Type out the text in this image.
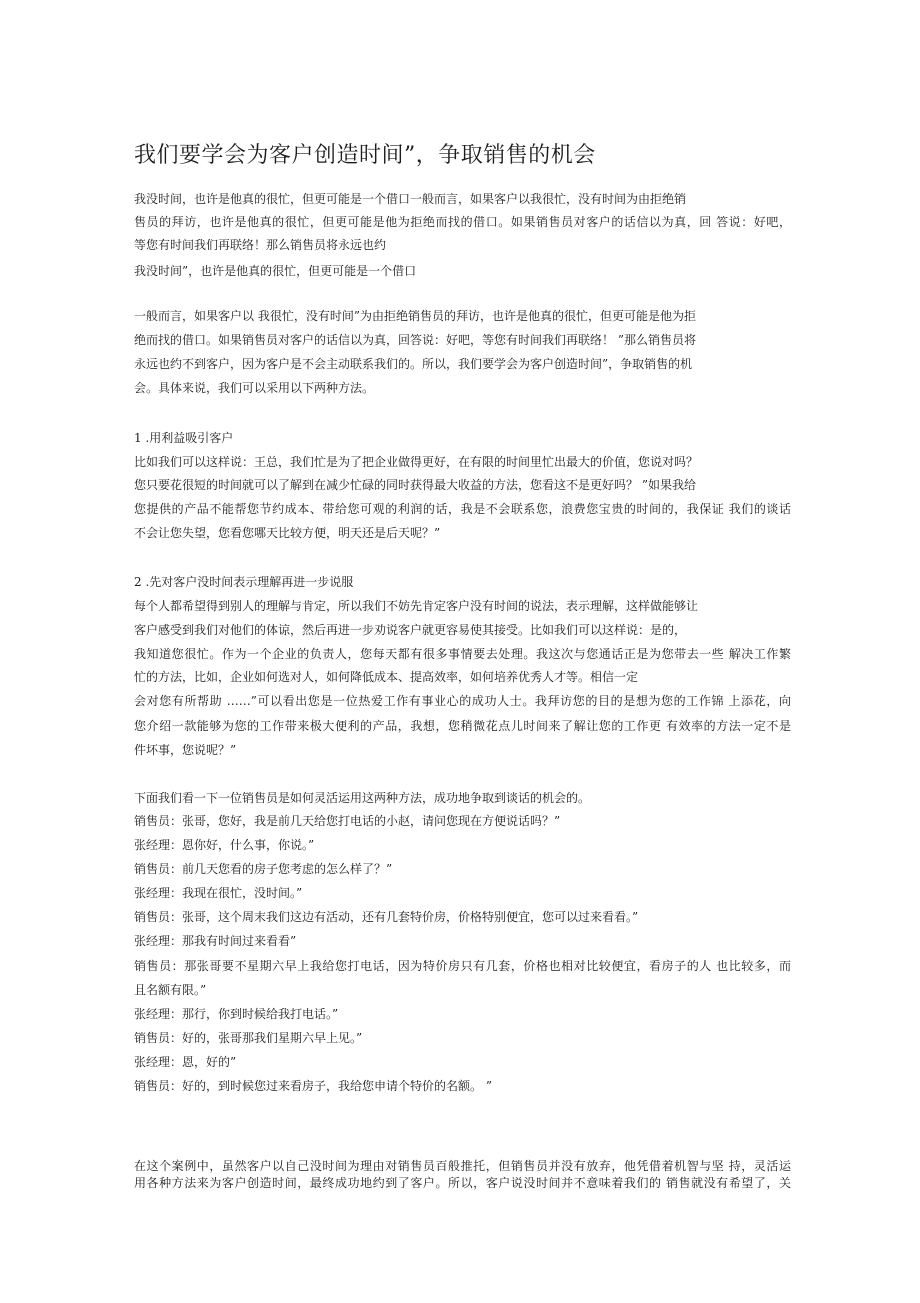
我们要学会为客户创造时间”，争取销售的机会

我没时间，也许是他真的很忙，但更可能是一个借口一般而言，如果客户以我很忙，没有时间为由拒绝销

售员的拜访，也许是他真的很忙，但更可能是他为拒绝而找的借口。如果销售员对客户的话信以为真，回 答说：好吧，

等您有时间我们再联络！那么销售员将永远也约

我没时间”，也许是他真的很忙，但更可能是一个借口

一般而言，如果客户以 我很忙，没有时间”为由拒绝销售员的拜访，也许是他真的很忙，但更可能是他为拒

绝而找的借口。如果销售员对客户的话信以为真，回答说：好吧，等您有时间我们再联络！ ”那么销售员将

永远也约不到客户，因为客户是不会主动联系我们的。所以，我们要学会为客户创造时间”，争取销售的机

会。具体来说，我们可以采用以下两种方法。

1 .用利益吸引客户

比如我们可以这样说：王总，我们忙是为了把企业做得更好，在有限的时间里忙出最大的价值，您说对吗？

您只要花很短的时间就可以了解到在减少忙碌的同时获得最大收益的方法，您看这不是更好吗？ ”如果我给

您提供的产品不能帮您节约成本、带给您可观的利润的话，我是不会联系您，浪费您宝贵的时间的，我保证 我们的谈话

不会让您失望，您看您哪天比较方便，明天还是后天呢？”

2 .先对客户没时间表示理解再进一步说服

每个人都希望得到别人的理解与肯定，所以我们不妨先肯定客户没有时间的说法，表示理解，这样做能够让

客户感受到我们对他们的体谅，然后再进一步劝说客户就更容易使其接受。比如我们可以这样说：是的，

我知道您很忙。作为一个企业的负责人，您每天都有很多事情要去处理。我这次与您通话正是为您带去一些 解决工作繁

忙的方法，比如，企业如何选对人，如何降低成本、提高效率，如何培养优秀人才等。相信一定

会对您有所帮助 ……”可以看出您是一位热爱工作有事业心的成功人士。我拜访您的目的是想为您的工作锦 上添花，向

您介绍一款能够为您的工作带来极大便利的产品，我想，您稍微花点儿时间来了解让您的工作更 有效率的方法一定不是

件坏事，您说呢？”

下面我们看一下一位销售员是如何灵活运用这两种方法，成功地争取到谈话的机会的。

销售员：张哥，您好，我是前几天给您打电话的小赵，请问您现在方便说话吗？”

张经理：恩你好，什么事，你说。”

销售员：前几天您看的房子您考虑的怎么样了？”

张经理：我现在很忙，没时间。”

销售员：张哥，这个周末我们这边有活动，还有几套特价房，价格特别便宜，您可以过来看看。”

张经理：那我有时间过来看看”

销售员：那张哥要不星期六早上我给您打电话，因为特价房只有几套，价格也相对比较便宜，看房子的人 也比较多，而

且名额有限。”

张经理：那行，你到时候给我打电话。”

销售员：好的，张哥那我们星期六早上见。”

张经理：恩，好的”

销售员：好的，到时候您过来看房子，我给您申请个特价的名额。 ”

在这个案例中，虽然客户以自己没时间为理由对销售员百般推托，但销售员并没有放弃，他凭借着机智与坚 持，灵活运

用各种方法来为客户创造时间，最终成功地约到了客户。所以，客户说没时间并不意味着我们的 销售就没有希望了，关
